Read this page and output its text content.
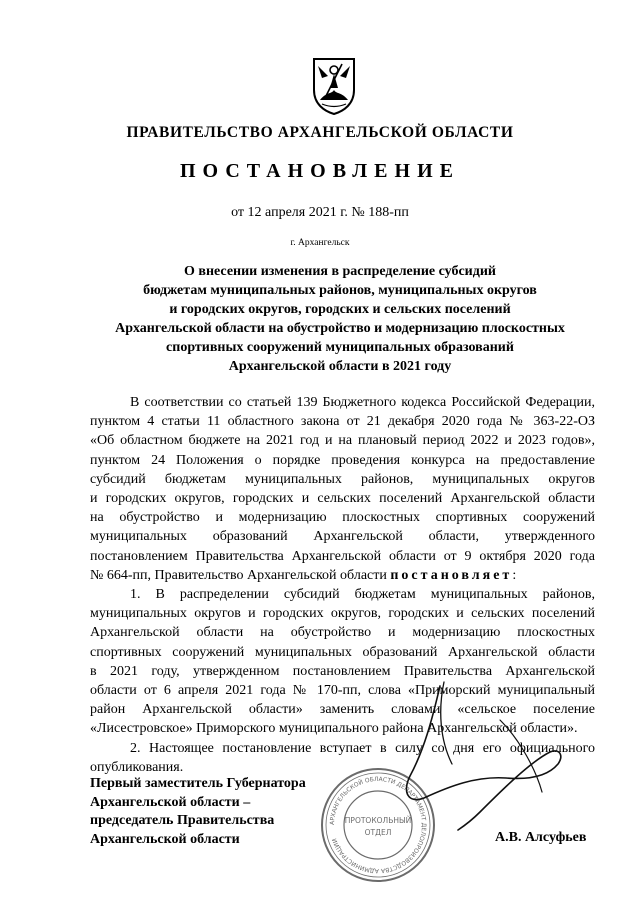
ПРАВИТЕЛЬСТВО АРХАНГЕЛЬСКОЙ ОБЛАСТИ
ПОСТАНОВЛЕНИЕ
от 12 апреля 2021 г. № 188-пп
г. Архангельск
О внесении изменения в распределение субсидий
бюджетам муниципальных районов, муниципальных округов
и городских округов, городских и сельских поселений
Архангельской области на обустройство и модернизацию плоскостных
спортивных сооружений муниципальных образований
Архангельской области в 2021 году
В соответствии со статьей 139 Бюджетного кодекса Российской Федерации,
пунктом 4 статьи 11 областного закона от 21 декабря 2020 года № 363-22-ОЗ
«Об областном бюджете на 2021 год и на плановый период 2022 и 2023 годов»,
пунктом 24 Положения о порядке проведения конкурса на предоставление
субсидий бюджетам муниципальных районов, муниципальных округов
и городских округов, городских и сельских поселений Архангельской области
на обустройство и модернизацию плоскостных спортивных сооружений
муниципальных образований Архангельской области, утвержденного
постановлением Правительства Архангельской области от 9 октября 2020 года
№ 664-пп, Правительство Архангельской области постановляет:
1. В распределении субсидий бюджетам муниципальных районов,
муниципальных округов и городских округов, городских и сельских поселений
Архангельской области на обустройство и модернизацию плоскостных
спортивных сооружений муниципальных образований Архангельской области
в 2021 году, утвержденном постановлением Правительства Архангельской
области от 6 апреля 2021 года № 170-пп, слова «Приморский муниципальный
район Архангельской области» заменить словами «сельское поселение
«Лисестровское» Приморского муниципального района Архангельской области».
2. Настоящее постановление вступает в силу со дня его официального
опубликования.
Первый заместитель Губернатора
Архангельской области –
председатель Правительства
Архангельской области
АРХАНГЕЛЬСКОЙ ОБЛАСТИ ДЕПАРТАМЕНТ ДЕЛОПРОИЗВОДСТВА АДМИНИСТРАЦИИ
ПРОТОКОЛЬНЫЙ
ОТДЕЛ	А.В. Алсуфьев
